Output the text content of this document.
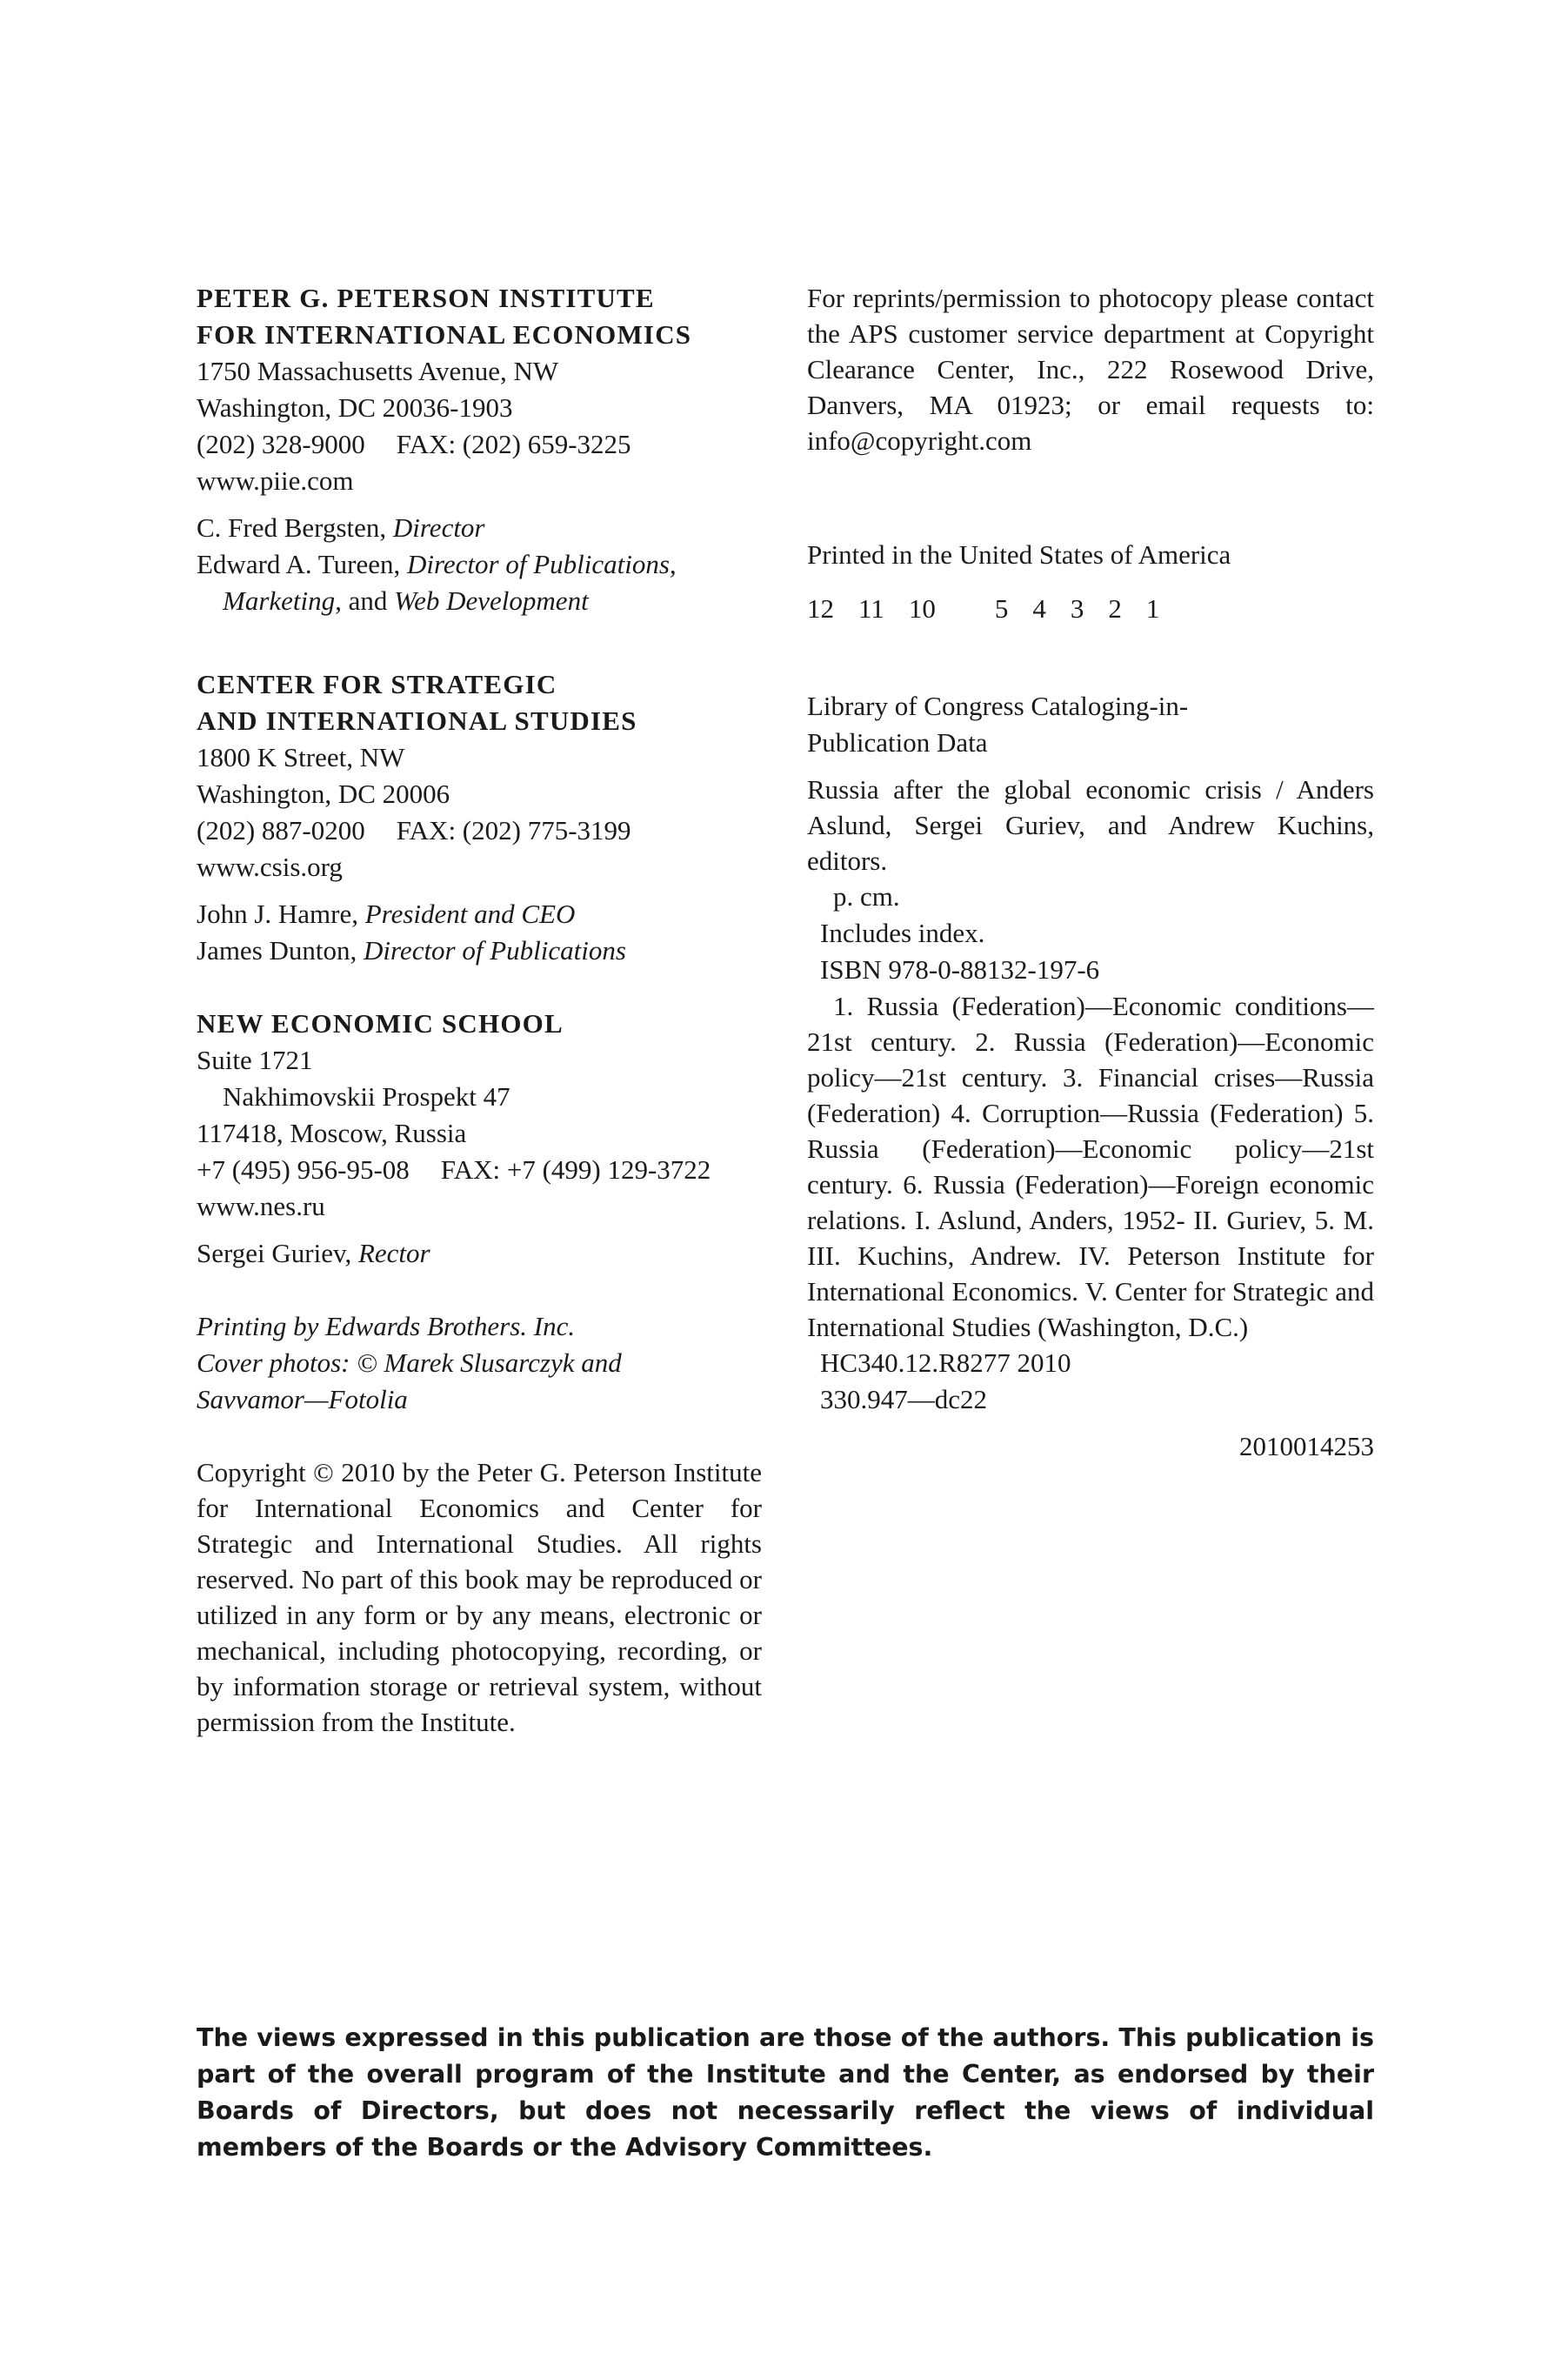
PETER G. PETERSON INSTITUTE
FOR INTERNATIONAL ECONOMICS
1750 Massachusetts Avenue, NW
Washington, DC 20036-1903
(202) 328-9000 FAX: (202) 659-3225
www.piie.com
C. Fred Bergsten, Director
Edward A. Tureen, Director of Publications,
Marketing, and Web Development
CENTER FOR STRATEGIC
AND INTERNATIONAL STUDIES
1800 K Street, NW
Washington, DC 20006
(202) 887-0200 FAX: (202) 775-3199
www.csis.org
John J. Hamre, President and CEO
James Dunton, Director of Publications
NEW ECONOMIC SCHOOL
Suite 1721
Nakhimovskii Prospekt 47
117418, Moscow, Russia
+7 (495) 956-95-08 FAX: +7 (499) 129-3722
www.nes.ru
Sergei Guriev, Rector
Printing by Edwards Brothers. Inc.
Cover photos: © Marek Slusarczyk and
Savvamor—Fotolia
Copyright © 2010 by the Peter G. Peterson Institute for International Economics and Center for Strategic and International Studies. All rights reserved. No part of this book may be reproduced or utilized in any form or by any means, electronic or mechanical, including photocopying, recording, or by information storage or retrieval system, without permission from the Institute.
For reprints/permission to photocopy please contact the APS customer service department at Copyright Clearance Center, Inc., 222 Rosewood Drive, Danvers, MA 01923; or email requests to: info@copyright.com
Printed in the United States of America
12 11 10 5 4 3 2 1
Library of Congress Cataloging-in-
Publication Data
Russia after the global economic crisis / Anders Aslund, Sergei Guriev, and Andrew Kuchins, editors.
p. cm.
Includes index.
ISBN 978-0-88132-197-6
1. Russia (Federation)—Economic conditions—21st century. 2. Russia (Federation)—Economic policy—21st century. 3. Financial crises—Russia (Federation) 4. Corruption—Russia (Federation) 5. Russia (Federation)—Economic policy—21st century. 6. Russia (Federation)—Foreign economic relations. I. Aslund, Anders, 1952- II. Guriev, 5. M. III. Kuchins, Andrew. IV. Peterson Institute for International Economics. V. Center for Strategic and International Studies (Washington, D.C.)
HC340.12.R8277 2010
330.947—dc22
2010014253
The views expressed in this publication are those of the authors. This publication is part of the overall program of the Institute and the Center, as endorsed by their Boards of Directors, but does not necessarily reflect the views of individual members of the Boards or the Advisory Committees.
